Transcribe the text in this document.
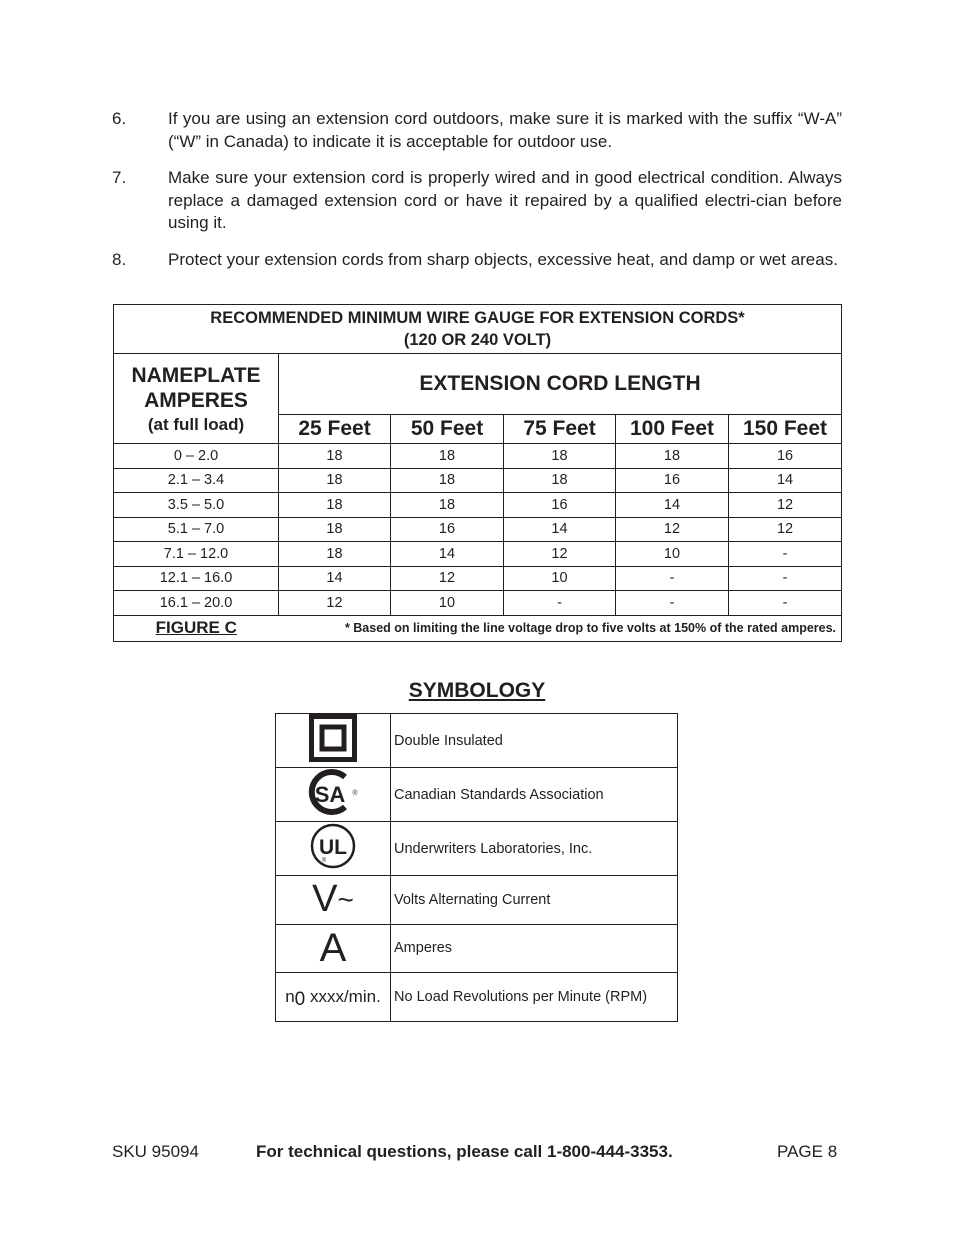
6. If you are using an extension cord outdoors, make sure it is marked with the suffix “W-A” (“W” in Canada) to indicate it is acceptable for outdoor use.
7. Make sure your extension cord is properly wired and in good electrical condition. Always replace a damaged extension cord or have it repaired by a qualified electri-cian before using it.
8. Protect your extension cords from sharp objects, excessive heat, and damp or wet areas.
RECOMMENDED MINIMUM WIRE GAUGE FOR EXTENSION CORDS*
(120 OR 240 VOLT)					

NAMEPLATE
AMPERES
(at full load)	EXTENSION CORD LENGTH				
	25 Feet	50 Feet	75 Feet	100 Feet	150 Feet
0 – 2.0	18	18	18	18	16
2.1 – 3.4	18	18	18	16	14
3.5 – 5.0	18	18	16	14	12
5.1 – 7.0	18	16	14	12	12
7.1 – 12.0	18	14	12	10	-
12.1 – 16.0	14	12	10	-	-
16.1 – 20.0	12	10	-	-	-
FIGURE C	* Based on limiting the line voltage drop to five volts at 150% of the rated amperes.				
SYMBOLOGY
	Double Insulated

SA ®	Canadian Standards Association

UL
®	Underwriters Laboratories, Inc.
V~	Volts Alternating Current
A	Amperes
n0 xxxx/min.	No Load Revolutions per Minute (RPM)
SKU 95094	For technical questions, please call 1-800-444-3353.	PAGE 8
